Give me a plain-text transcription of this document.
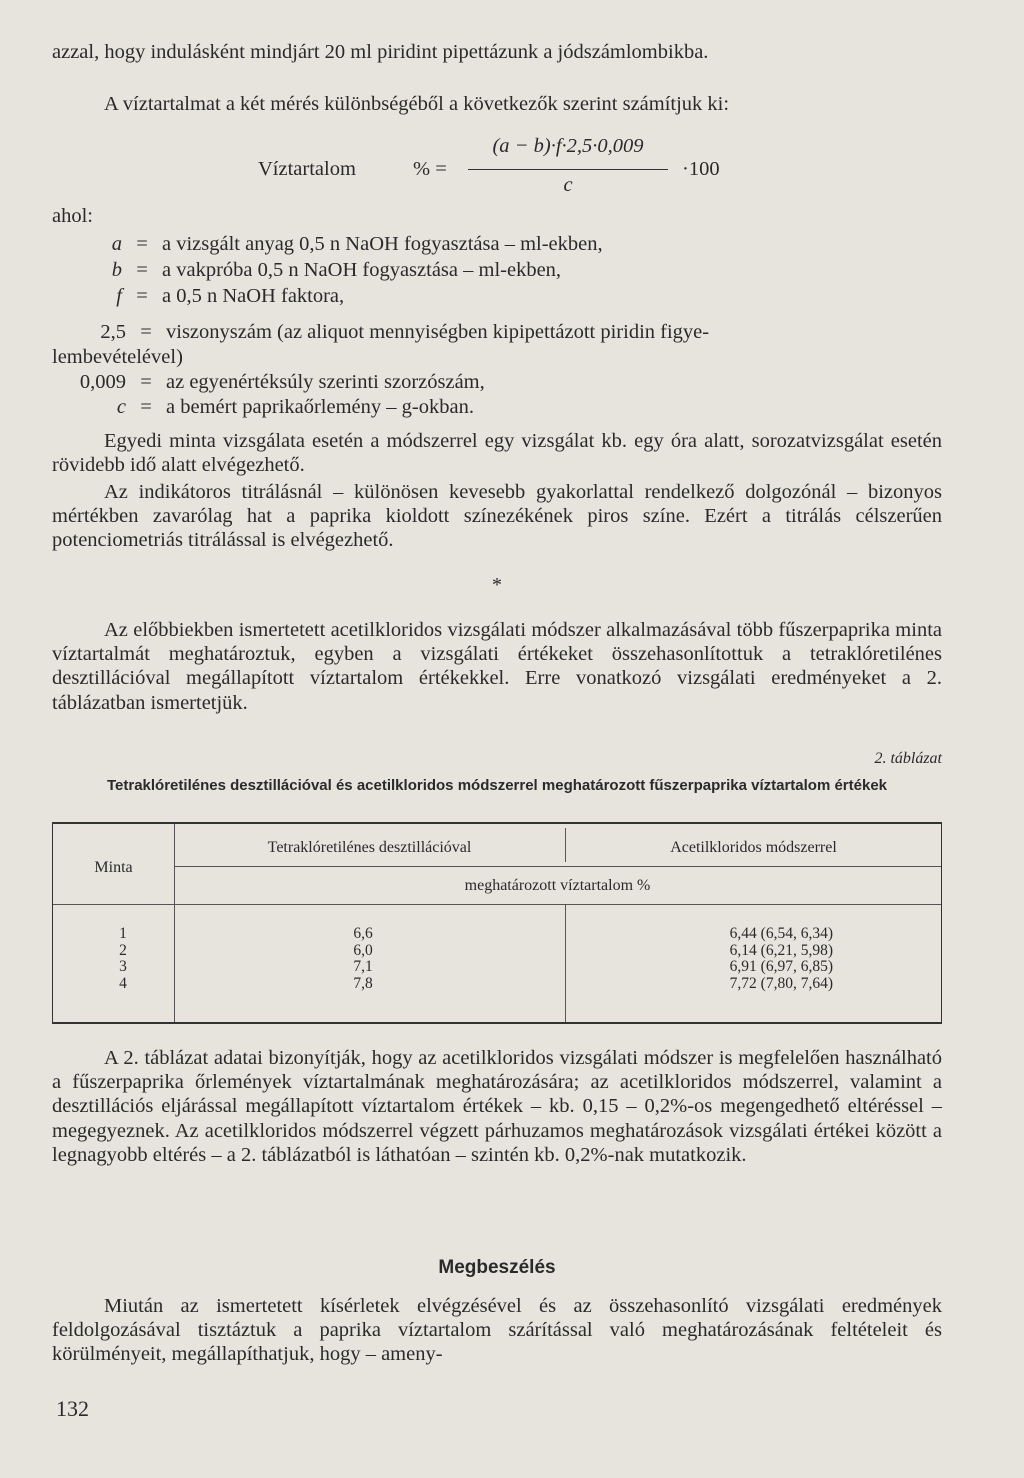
azzal, hogy indulásként mindjárt 20 ml piridint pipettázunk a jódszámlombikba.

A víztartalmat a két mérés különbségéből a következők szerint számítjuk ki:

Víztartalom	% =
(a − b)·f·2,5·0,009
c
·100
ahol:
a = a vizsgált anyag 0,5 n NaOH fogyasztása – ml-ekben,
b = a vakpróba 0,5 n NaOH fogyasztása – ml-ekben,
f = a 0,5 n NaOH faktora,
2,5 = viszonyszám (az aliquot mennyiségben kipipettázott piridin figye-
lembevételével)
0,009 = az egyenértéksúly szerinti szorzószám,
c = a bemért paprikaőrlemény – g-okban.

Egyedi minta vizsgálata esetén a módszerrel egy vizsgálat kb. egy óra alatt, sorozatvizsgálat esetén rövidebb idő alatt elvégezhető.

Az indikátoros titrálásnál – különösen kevesebb gyakorlattal rendelkező dolgozónál – bizonyos mértékben zavarólag hat a paprika kioldott színezékének piros színe. Ezért a titrálás célszerűen potenciometriás titrálással is elvégezhető.

*

Az előbbiekben ismertetett acetilkloridos vizsgálati módszer alkalmazásával több fűszerpaprika minta víztartalmát meghatároztuk, egyben a vizsgálati értékeket összehasonlítottuk a tetraklóretilénes desztillációval megállapított víztartalom értékekkel. Erre vonatkozó vizsgálati eredményeket a 2. táblázatban ismertetjük.

2. táblázat
Tetraklóretilénes desztillációval és acetilkloridos módszerrel meghatározott fűszerpaprika víztartalom értékek
Minta
Tetraklóretilénes desztillációval	Acetilkloridos módszerrel
meghatározott víztartalom %
1
2
3
4
6,6
6,0
7,1
7,8
6,44 (6,54, 6,34)
6,14 (6,21, 5,98)
6,91 (6,97, 6,85)
7,72 (7,80, 7,64)

A 2. táblázat adatai bizonyítják, hogy az acetilkloridos vizsgálati módszer is megfelelően használható a fűszerpaprika őrlemények víztartalmának meghatározására; az acetilkloridos módszerrel, valamint a desztillációs eljárással megállapított víztartalom értékek – kb. 0,15 – 0,2%-os megengedhető eltéréssel – megegyeznek. Az acetilkloridos módszerrel végzett párhuzamos meghatározások vizsgálati értékei között a legnagyobb eltérés – a 2. táblázatból is láthatóan – szintén kb. 0,2%-nak mutatkozik.

Megbeszélés

Miután az ismertetett kísérletek elvégzésével és az összehasonlító vizsgálati eredmények feldolgozásával tisztáztuk a paprika víztartalom szárítással való meghatározásának feltételeit és körülményeit, megállapíthatjuk, hogy – ameny-

132
